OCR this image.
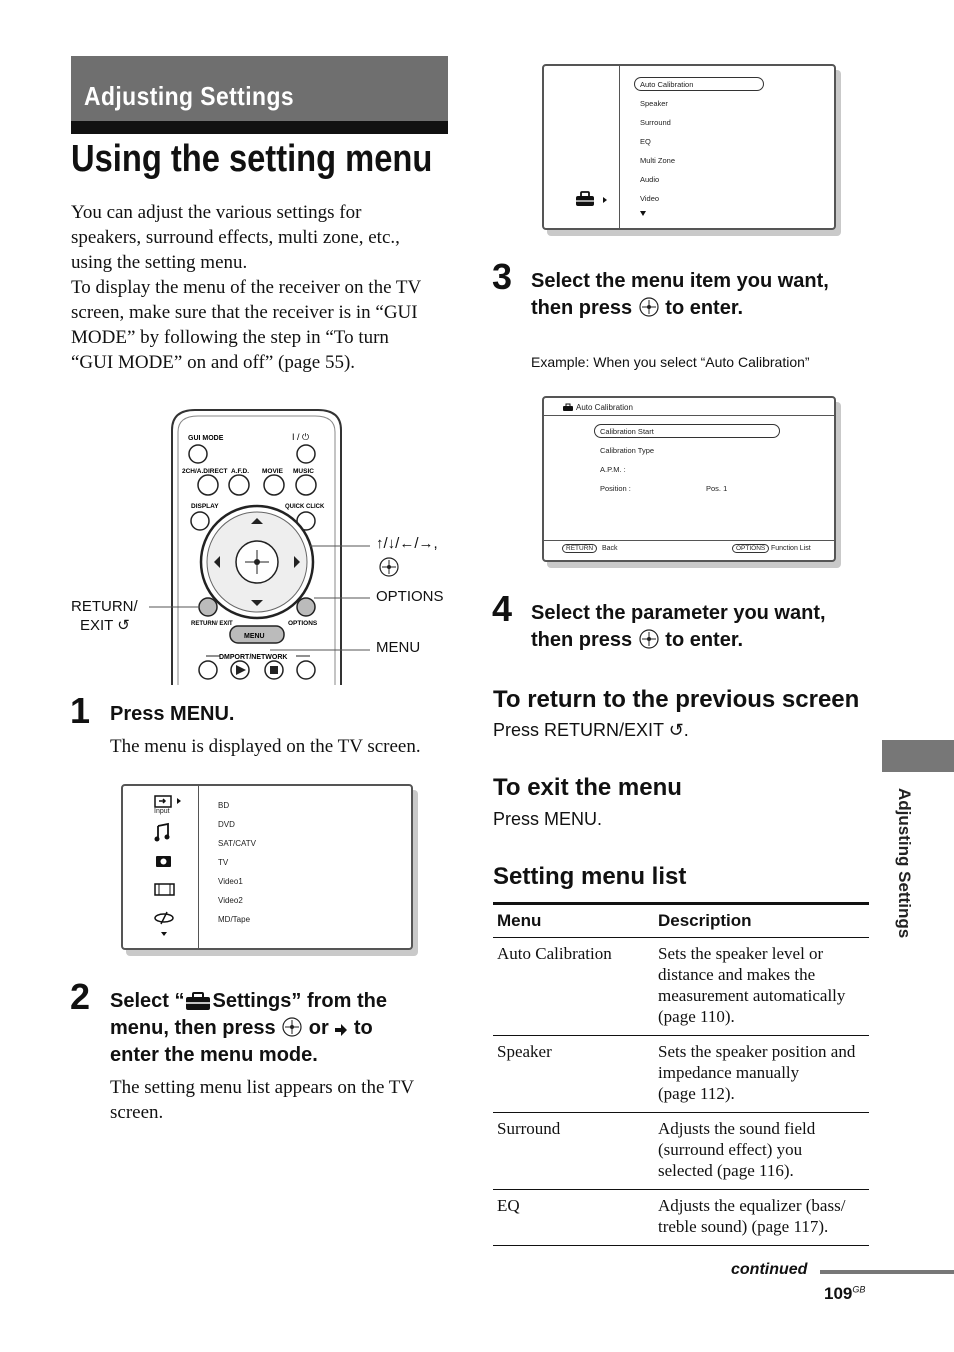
Adjusting Settings
Using the setting menu
You can adjust the various settings for
speakers, surround effects, multi zone, etc.,
using the setting menu.
To display the menu of the receiver on the TV
screen, make sure that the receiver is in “GUI
MODE” by following the step in “To turn
“GUI MODE” on and off” (page 55).
GUI MODE	I / ⏻
2CH/A.DIRECT A.F.D. MOVIE MUSIC
DISPLAY	QUICK CLICK
RETURN/ EXIT	OPTIONS
MENU
DMPORT/NETWORK
↑/↓/←/→,
OPTIONS
MENU
RETURN/
EXIT ↺
1 Press MENU.
The menu is displayed on the TV screen.
Input
BD
DVD
SAT/CATV
TV
Video1
Video2
MD/Tape
2 Select “ Settings” from the
menu, then press or to
enter the menu mode.
The setting menu list appears on the TV
screen.
Auto Calibration
Speaker
Surround
EQ
Multi Zone
Audio
Video
3 Select the menu item you want,
then press to enter.
Example: When you select “Auto Calibration”
Auto Calibration
Calibration Start
Calibration Type
A.P.M. :
Position :	Pos. 1
RETURN	Back	OPTIONS Function List
4 Select the parameter you want,
then press to enter.
To return to the previous screen
Press RETURN/EXIT ↺.
To exit the menu
Press MENU.
Setting menu list
Menu	Description
Auto Calibration	Sets the speaker level or
distance and makes the
measurement automatically
(page 110).

Speaker	Sets the speaker position and
impedance manually
(page 112).

Surround	Adjusts the sound field
(surround effect) you
selected (page 116).

EQ	Adjusts the equalizer (bass/
treble sound) (page 117).
Adjusting Settings
continued
$109^{GB}$
